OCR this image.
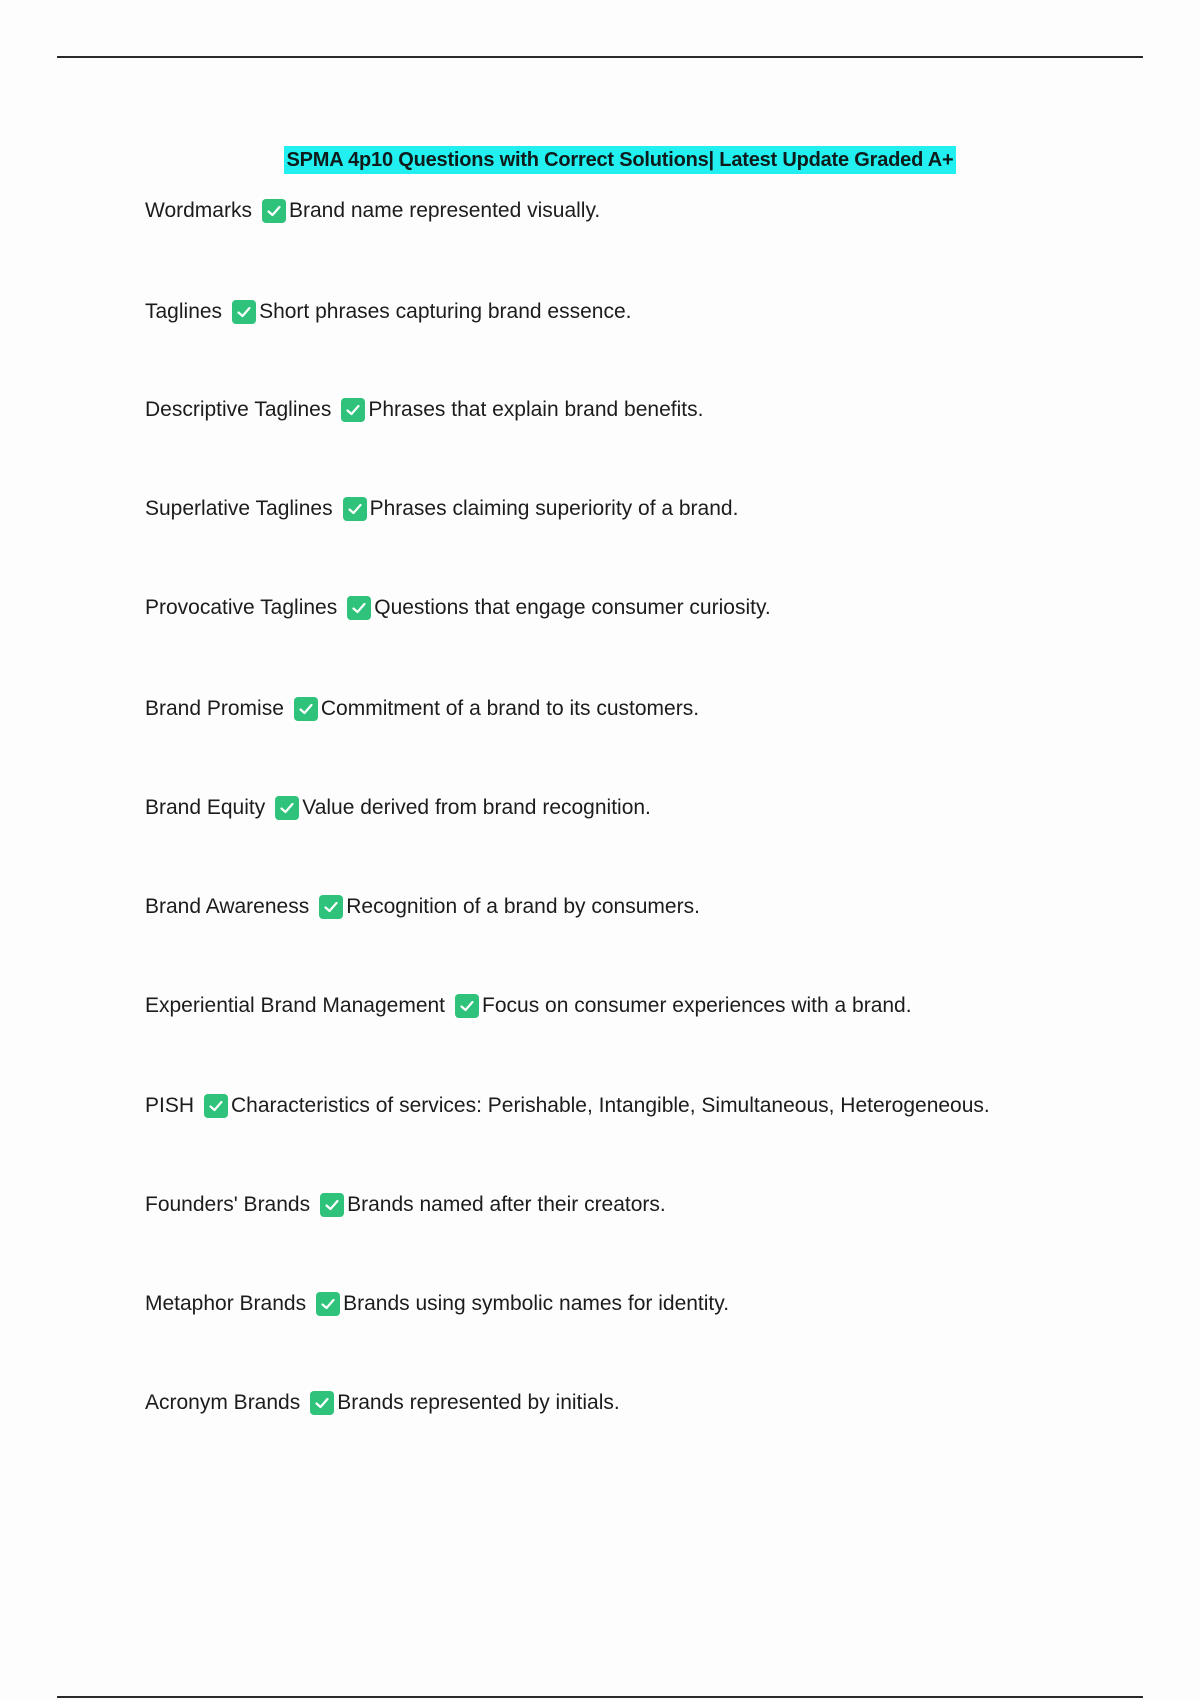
SPMA 4p10 Questions with Correct Solutions| Latest Update Graded A+
Wordmarks Brand name represented visually.
Taglines Short phrases capturing brand essence.
Descriptive Taglines Phrases that explain brand benefits.
Superlative Taglines Phrases claiming superiority of a brand.
Provocative Taglines Questions that engage consumer curiosity.
Brand Promise Commitment of a brand to its customers.
Brand Equity Value derived from brand recognition.
Brand Awareness Recognition of a brand by consumers.
Experiential Brand Management Focus on consumer experiences with a brand.
PISH Characteristics of services: Perishable, Intangible, Simultaneous, Heterogeneous.
Founders' Brands Brands named after their creators.
Metaphor Brands Brands using symbolic names for identity.
Acronym Brands Brands represented by initials.
